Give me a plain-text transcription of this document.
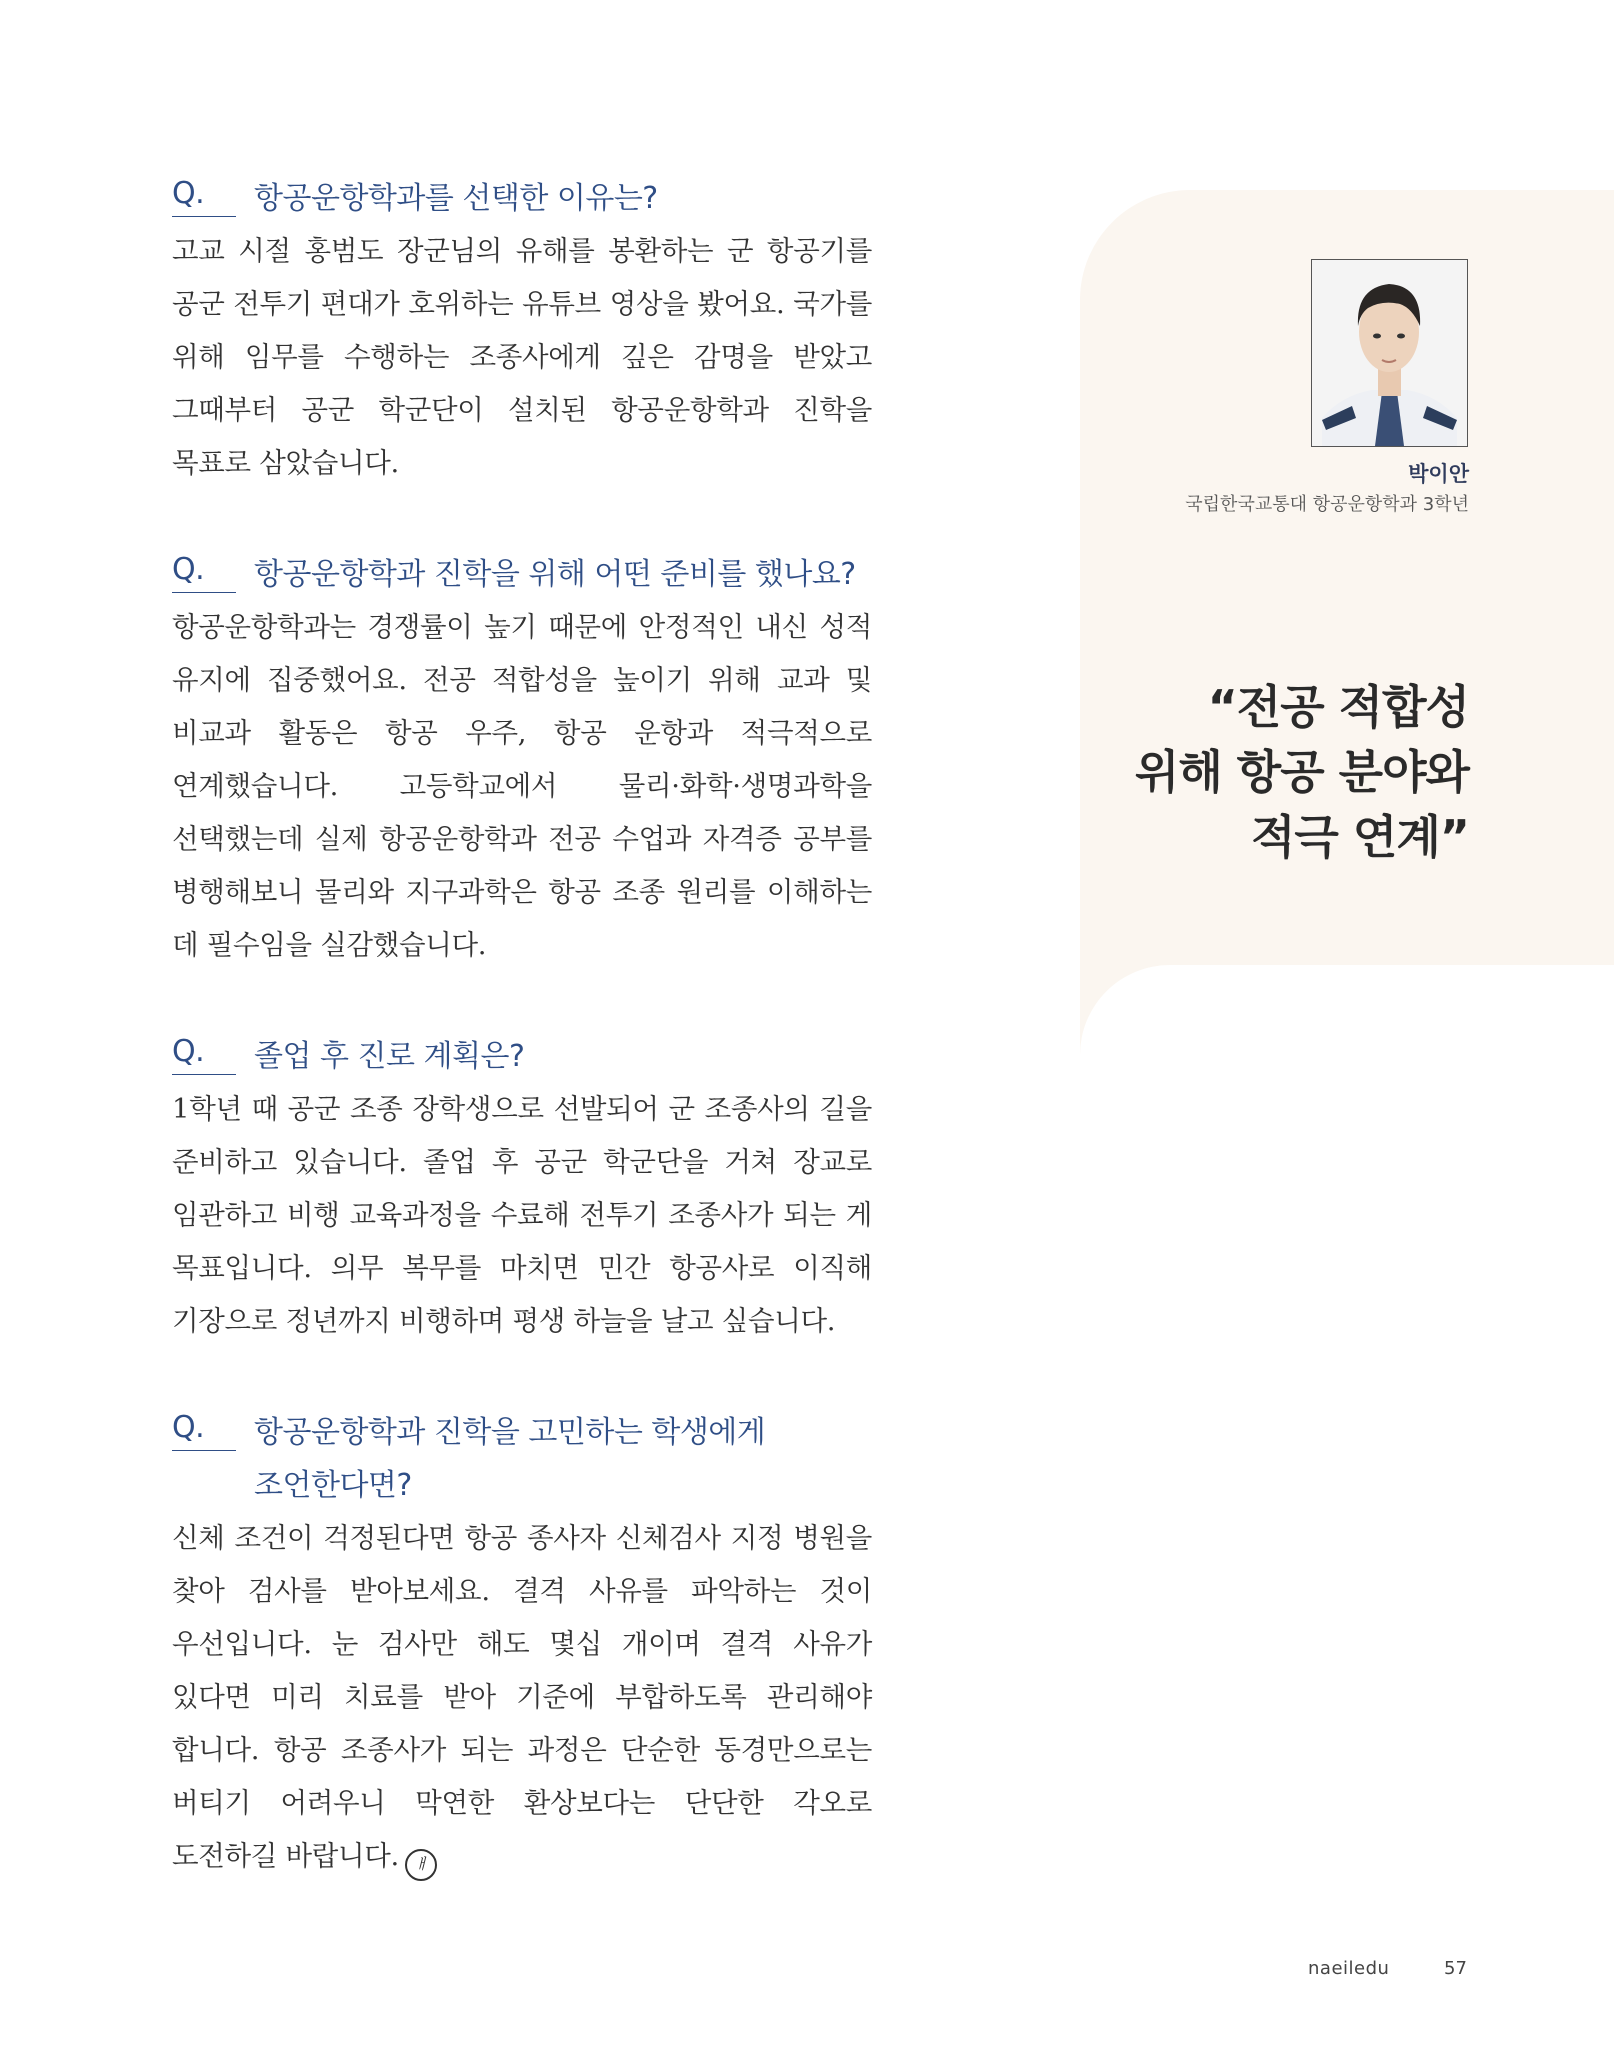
Q.	항공운항학과를 선택한 이유는?
고교 시절 홍범도 장군님의 유해를 봉환하는 군 항공기를 공군 전투기 편대가 호위하는 유튜브 영상을 봤어요. 국가를 위해 임무를 수행하는 조종사에게 깊은 감명을 받았고 그때부터 공군 학군단이 설치된 항공운항학과 진학을 목표로 삼았습니다.
Q.	항공운항학과 진학을 위해 어떤 준비를 했나요?
항공운항학과는 경쟁률이 높기 때문에 안정적인 내신 성적 유지에 집중했어요. 전공 적합성을 높이기 위해 교과 및 비교과 활동은 항공 우주, 항공 운항과 적극적으로 연계했습니다. 고등학교에서 물리·화학·생명과학을 선택했는데 실제 항공운항학과 전공 수업과 자격증 공부를 병행해보니 물리와 지구과학은 항공 조종 원리를 이해하는 데 필수임을 실감했습니다.
Q.	졸업 후 진로 계획은?
1학년 때 공군 조종 장학생으로 선발되어 군 조종사의 길을 준비하고 있습니다. 졸업 후 공군 학군단을 거쳐 장교로 임관하고 비행 교육과정을 수료해 전투기 조종사가 되는 게 목표입니다. 의무 복무를 마치면 민간 항공사로 이직해 기장으로 정년까지 비행하며 평생 하늘을 날고 싶습니다.
Q.	항공운항학과 진학을 고민하는 학생에게
조언한다면?
신체 조건이 걱정된다면 항공 종사자 신체검사 지정 병원을 찾아 검사를 받아보세요. 결격 사유를 파악하는 것이 우선입니다. 눈 검사만 해도 몇십 개이며 결격 사유가 있다면 미리 치료를 받아 기준에 부합하도록 관리해야 합니다. 항공 조종사가 되는 과정은 단순한 동경만으로는 버티기 어려우니 막연한 환상보다는 단단한 각오로 도전하길 바랍니다. ㅐ
박이안
국립한국교통대 항공운항학과 3학년
“전공 적합성
위해 항공 분야와
적극 연계”
naeiledu	57
